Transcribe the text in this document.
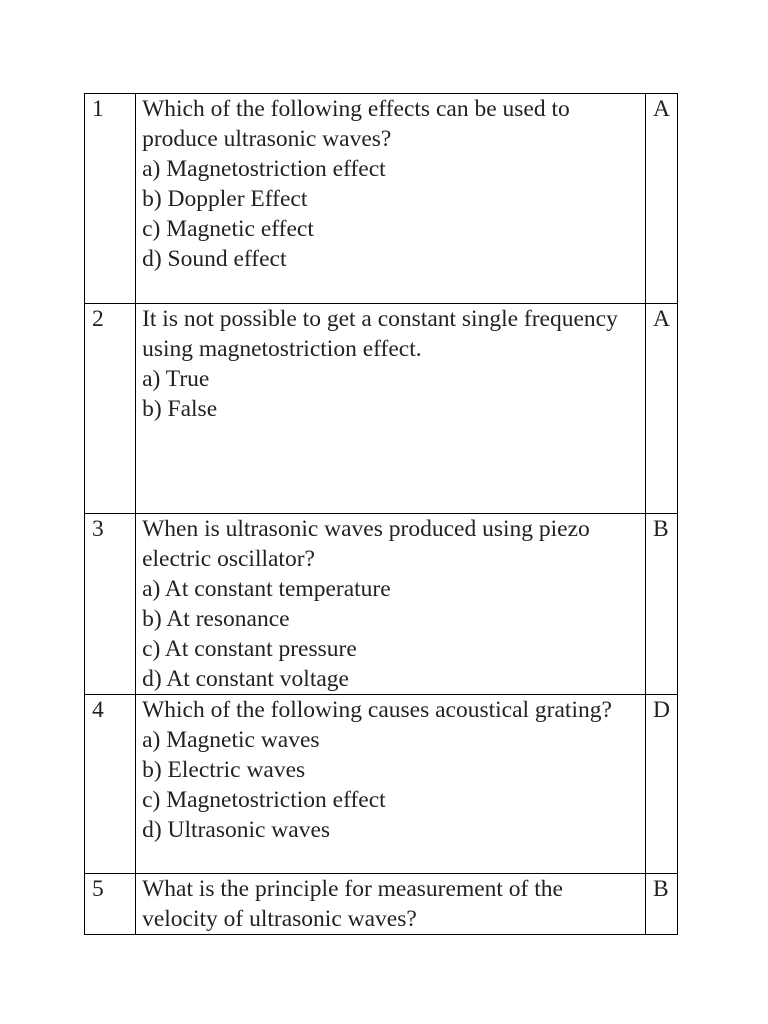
1	Which of the following effects can be used to produce ultrasonic waves?
a) Magnetostriction effect
b) Doppler Effect
c) Magnetic effect
d) Sound effect	A
2	It is not possible to get a constant single frequency using magnetostriction effect.
a) True
b) False	A
3	When is ultrasonic waves produced using piezo electric oscillator?
a) At constant temperature
b) At resonance
c) At constant pressure
d) At constant voltage	B
4	Which of the following causes acoustical grating?
a) Magnetic waves
b) Electric waves
c) Magnetostriction effect
d) Ultrasonic waves	D
5	What is the principle for measurement of the velocity of ultrasonic waves?	B
